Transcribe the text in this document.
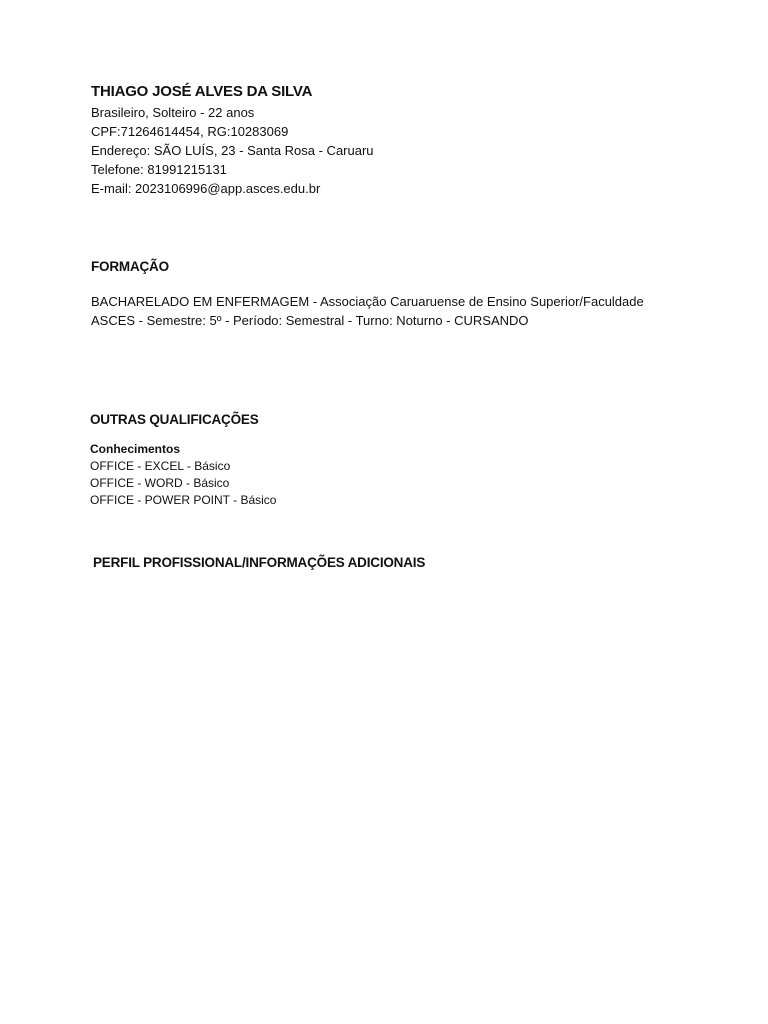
THIAGO JOSÉ ALVES DA SILVA
Brasileiro, Solteiro - 22 anos
CPF:71264614454, RG:10283069
Endereço: SÃO LUÍS, 23 - Santa Rosa - Caruaru
Telefone: 81991215131
E-mail: 2023106996@app.asces.edu.br
FORMAÇÃO
BACHARELADO EM ENFERMAGEM - Associação Caruaruense de Ensino Superior/Faculdade
ASCES - Semestre: 5º - Período: Semestral - Turno: Noturno - CURSANDO
OUTRAS QUALIFICAÇÕES
Conhecimentos
OFFICE - EXCEL - Básico
OFFICE - WORD - Básico
OFFICE - POWER POINT - Básico
PERFIL PROFISSIONAL/INFORMAÇÕES ADICIONAIS
